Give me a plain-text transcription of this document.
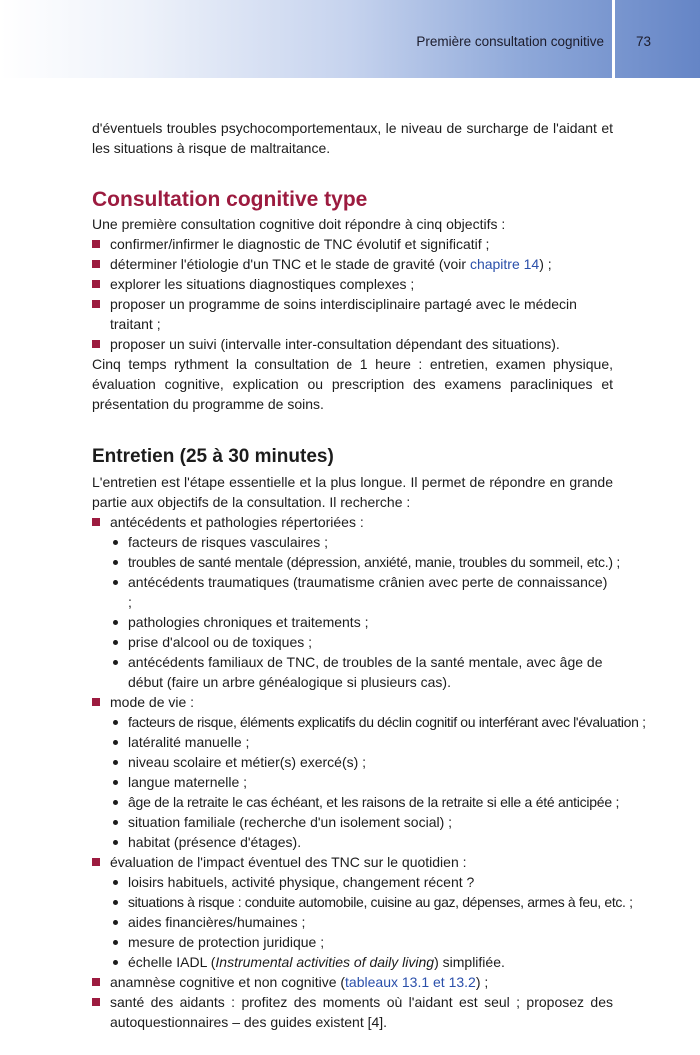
Première consultation cognitive 73

d'éventuels troubles psychocomportementaux, le niveau de surcharge de l'aidant et les situations à risque de maltraitance.

Consultation cognitive type

Une première consultation cognitive doit répondre à cinq objectifs :

confirmer/infirmer le diagnostic de TNC évolutif et significatif ;
déterminer l'étiologie d'un TNC et le stade de gravité (voir chapitre 14) ;
explorer les situations diagnostiques complexes ;
proposer un programme de soins interdisciplinaire partagé avec le médecin traitant ;
proposer un suivi (intervalle inter-consultation dépendant des situations).

Cinq temps rythment la consultation de 1 heure : entretien, examen physique, évaluation cognitive, explication ou prescription des examens paracliniques et présentation du programme de soins.

Entretien (25 à 30 minutes)

L'entretien est l'étape essentielle et la plus longue. Il permet de répondre en grande partie aux objectifs de la consultation. Il recherche :

antécédents et pathologies répertoriées :
facteurs de risques vasculaires ;
troubles de santé mentale (dépression, anxiété, manie, troubles du sommeil, etc.) ;
antécédents traumatiques (traumatisme crânien avec perte de connaissance) ;
pathologies chroniques et traitements ;
prise d'alcool ou de toxiques ;
antécédents familiaux de TNC, de troubles de la santé mentale, avec âge de début (faire un arbre généalogique si plusieurs cas).
mode de vie :
facteurs de risque, éléments explicatifs du déclin cognitif ou interférant avec l'évaluation ;
latéralité manuelle ;
niveau scolaire et métier(s) exercé(s) ;
langue maternelle ;
âge de la retraite le cas échéant, et les raisons de la retraite si elle a été anticipée ;
situation familiale (recherche d'un isolement social) ;
habitat (présence d'étages).
évaluation de l'impact éventuel des TNC sur le quotidien :
loisirs habituels, activité physique, changement récent ?
situations à risque : conduite automobile, cuisine au gaz, dépenses, armes à feu, etc. ;
aides financières/humaines ;
mesure de protection juridique ;
échelle IADL (Instrumental activities of daily living) simplifiée.
anamnèse cognitive et non cognitive (tableaux 13.1 et 13.2) ;
santé des aidants : profitez des moments où l'aidant est seul ; proposez des autoquestionnaires – des guides existent [4].
